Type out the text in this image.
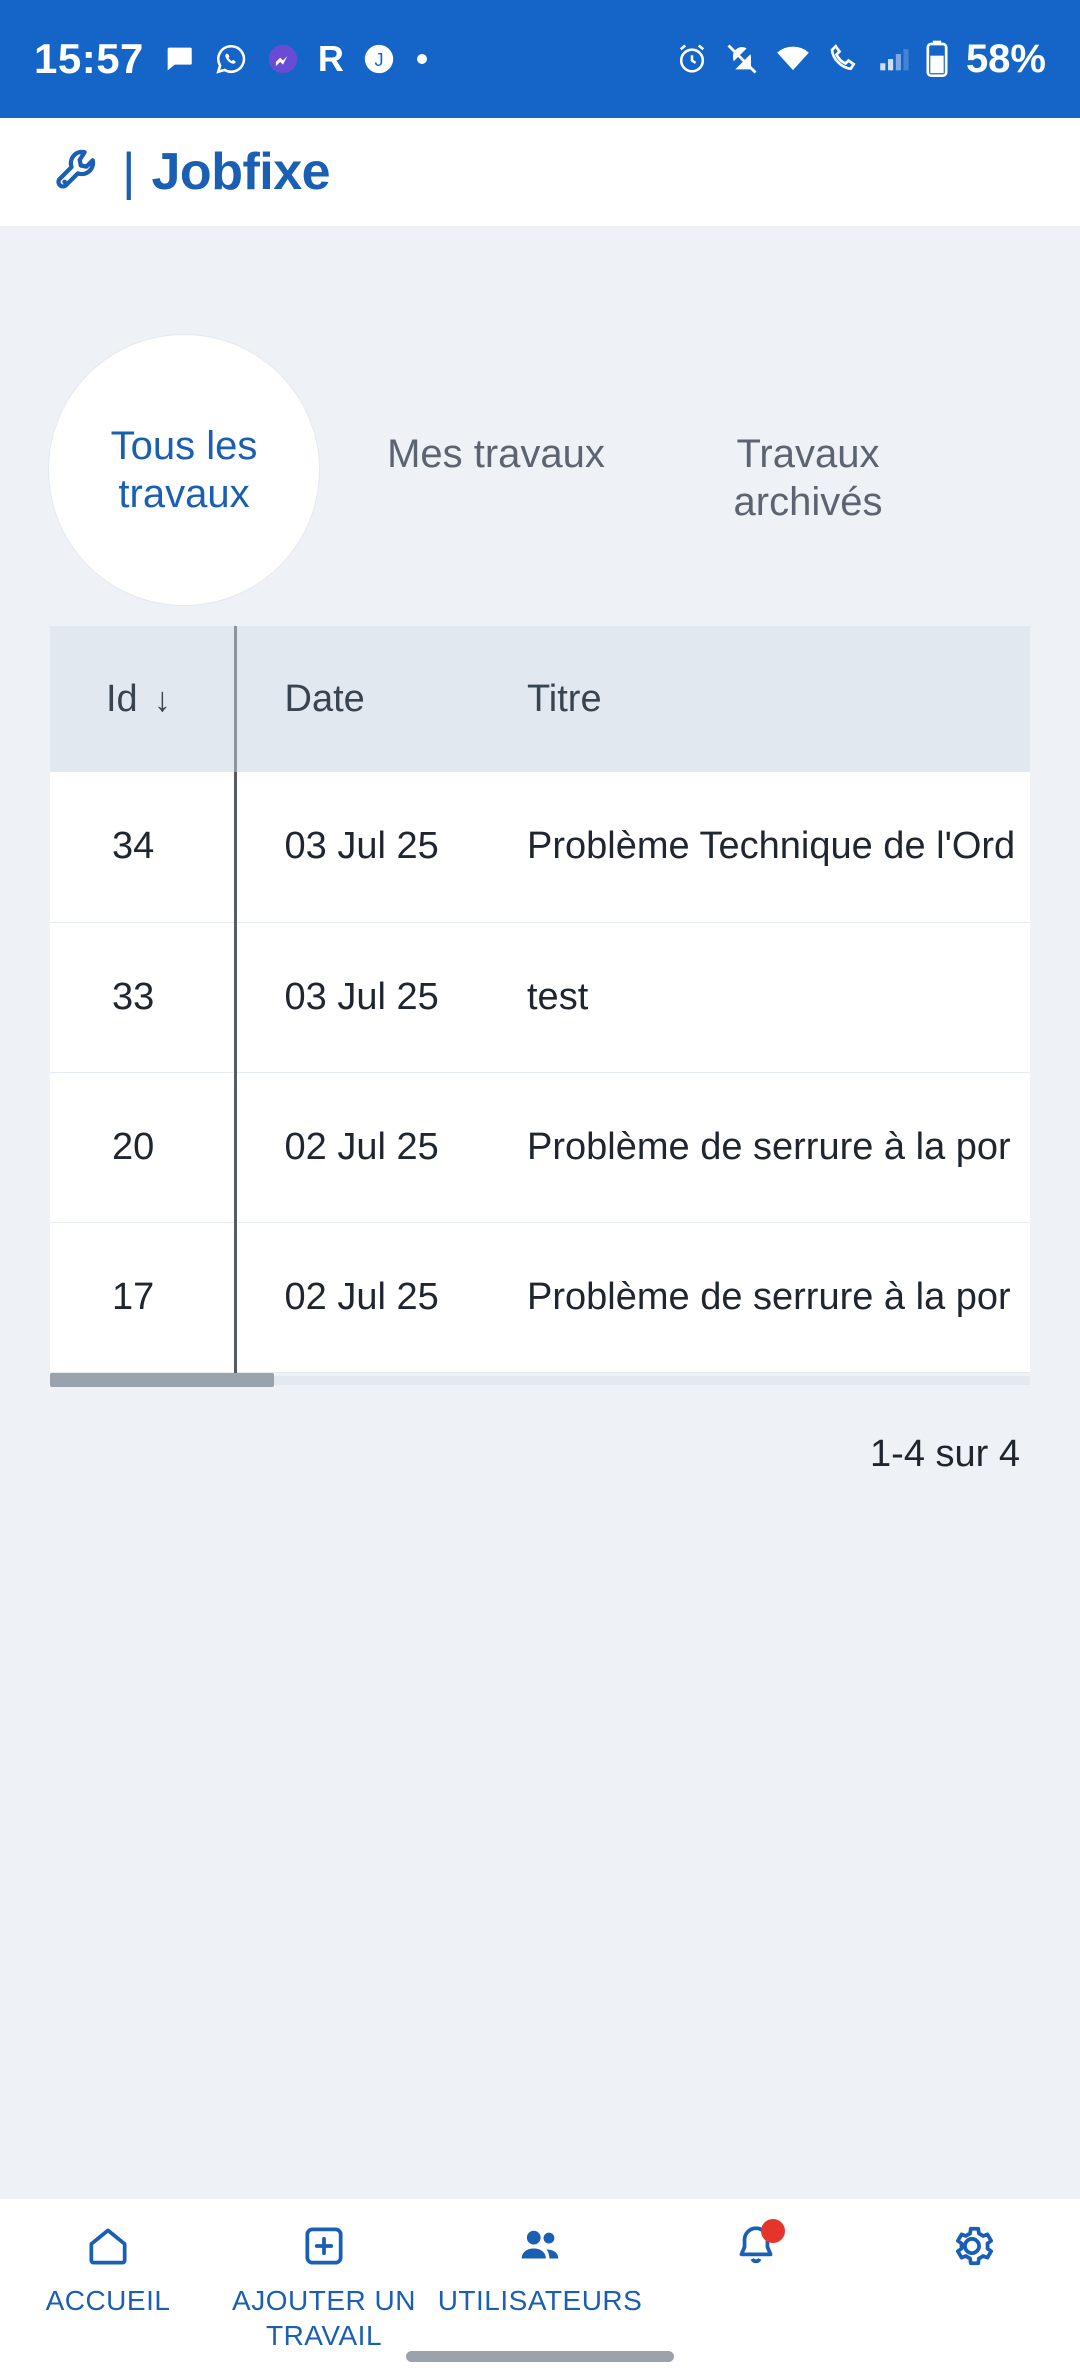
15:57	R J	58%
| Jobfixe
Tous les travaux
Mes travaux	Travaux archivés
Id ↓	Date	Titre
34	03 Jul 25	Problème Technique de l'Ord
33	03 Jul 25	test
20	02 Jul 25	Problème de serrure à la por
17	02 Jul 25	Problème de serrure à la por
1-4 sur 4
ACCUEIL	AJOUTER UN TRAVAIL
UTILISATEURS
